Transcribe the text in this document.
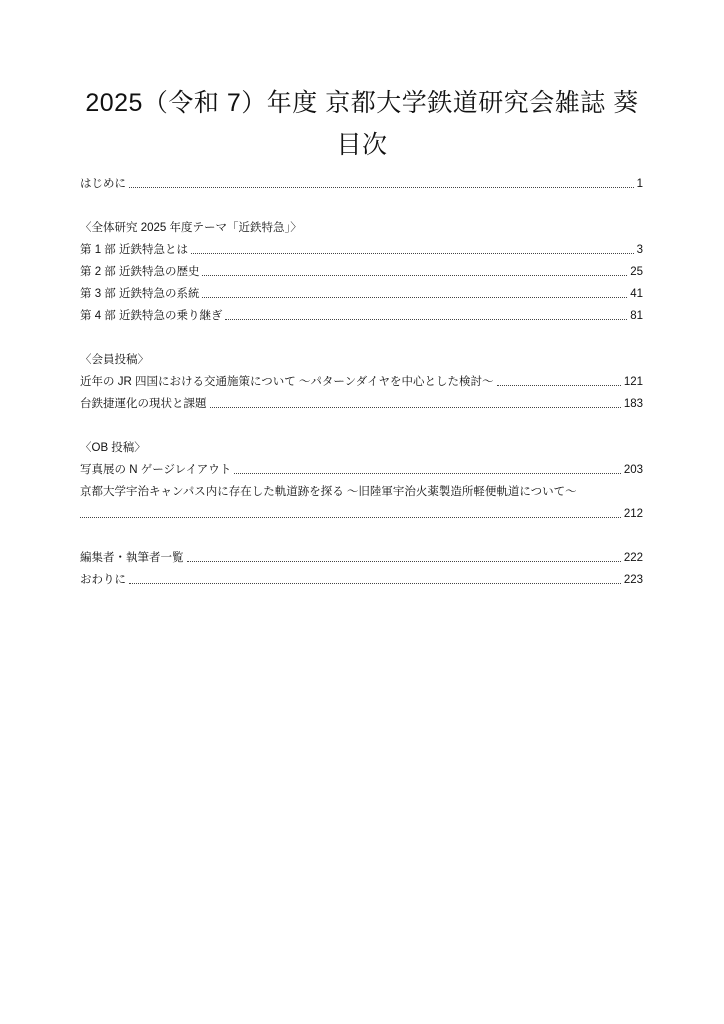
2025（令和 7）年度 京都大学鉄道研究会雑誌 葵
目次
はじめに	1
〈全体研究 2025 年度テーマ「近鉄特急」〉
第 1 部 近鉄特急とは	3
第 2 部 近鉄特急の歴史	25
第 3 部 近鉄特急の系統	41
第 4 部 近鉄特急の乗り継ぎ	81
〈会員投稿〉
近年の JR 四国における交通施策について 〜パターンダイヤを中心とした検討〜	121
台鉄捷運化の現状と課題	183
〈OB 投稿〉
写真展の N ゲージレイアウト	203
京都大学宇治キャンパス内に存在した軌道跡を探る 〜旧陸軍宇治火薬製造所軽便軌道について〜
212
編集者・執筆者一覧	222
おわりに	223
